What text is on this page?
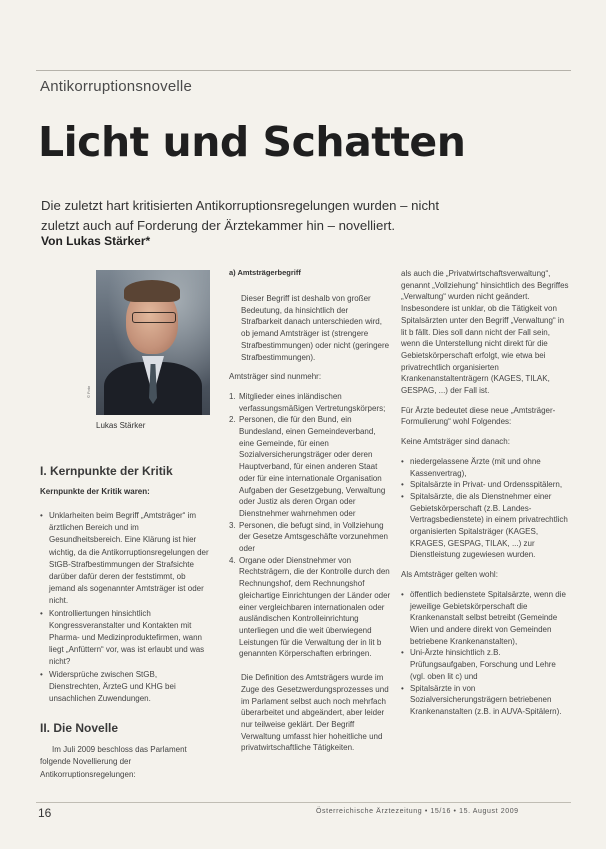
Antikorruptionsnovelle
Licht und Schatten
Die zuletzt hart kritisierten Antikorruptionsregelungen wurden – nicht zuletzt auch auf Forderung der Ärztekammer hin – novelliert.
Von Lukas Stärker*
© Foto
Lukas Stärker
I. Kernpunkte der Kritik
Kernpunkte der Kritik waren:
• Unklarheiten beim Begriff „Amtsträger“ im ärztlichen Bereich und im Gesundheitsbereich. Eine Klärung ist hier wichtig, da die Antikorruptionsregelungen der StGB-Strafbestimmungen der Strafsichte darüber dafür deren der feststimmt, ob jemand als sogenannter Amtsträger ist oder nicht.
• Kontrolliertungen hinsichtlich Kongressveranstalter und Kontakten mit Pharma- und Medizinproduktefirmen, wann liegt „Anfüttern“ vor, was ist erlaubt und was nicht?
• Widersprüche zwischen StGB, Dienstrechten, ÄrzteG und KHG bei unsachlichen Zuwendungen.
II. Die Novelle

Im Juli 2009 beschloss das Parlament folgende Novellierung der Antikorruptionsregelungen:

a) Amtsträgerbegriff

Dieser Begriff ist deshalb von großer Bedeutung, da hinsichtlich der Strafbarkeit danach unterschieden wird, ob jemand Amtsträger ist (strengere Strafbestimmungen) oder nicht (geringere Strafbestimmungen).

Amtsträger sind nunmehr:

1. Mitglieder eines inländischen verfassungsmäßigen Vertretungskörpers;
2. Personen, die für den Bund, ein Bundesland, einen Gemeindeverband, eine Gemeinde, für einen Sozialversicherungsträger oder deren Hauptverband, für einen anderen Staat oder für eine internationale Organisation Aufgaben der Gesetzgebung, Verwaltung oder Justiz als deren Organ oder Dienstnehmer wahrnehmen oder
3. Personen, die befugt sind, in Vollziehung der Gesetze Amtsgeschäfte vorzunehmen oder
4. Organe oder Dienstnehmer von Rechtsträgern, die der Kontrolle durch den Rechnungshof, dem Rechnungshof gleichartige Einrichtungen der Länder oder einer vergleichbaren internationalen oder ausländischen Kontrolleinrichtung unterliegen und die weit überwiegend Leistungen für die Verwaltung der in lit b genannten Körperschaften erbringen.

Die Definition des Amtsträgers wurde im Zuge des Gesetzwerdungsprozesses und im Parlament selbst auch noch mehrfach überarbeitet und abgeändert, aber leider nur teilweise geklärt. Der Begriff Verwaltung umfasst hier hoheitliche und privatwirtschaftliche Tätigkeiten.

als auch die „Privatwirtschaftsverwaltung“, genannt „Vollziehung“ hinsichtlich des Begriffes „Verwaltung“ wurden nicht geändert. Insbesondere ist unklar, ob die Tätigkeit von Spitalsärzten unter den Begriff „Verwaltung“ in lit b fällt. Dies soll dann nicht der Fall sein, wenn die Unterstellung nicht direkt für die Gebietskörperschaft erfolgt, wie etwa bei privatrechtlich organisierten Krankenanstaltenträgern (KAGES, TILAK, GESPAG, ...) der Fall ist.

Für Ärzte bedeutet diese neue „Amtsträger-Formulierung“ wohl Folgendes:

Keine Amtsträger sind danach:

• niedergelassene Ärzte (mit und ohne Kassenvertrag),
• Spitalsärzte in Privat- und Ordensspitälern,
• Spitalsärzte, die als Dienstnehmer einer Gebietskörperschaft (z.B. Landes-Vertragsbedienstete) in einem privatrechtlich organisierten Spitalsträger (KAGES, KRAGES, GESPAG, TILAK, ...) zur Dienstleistung zugewiesen wurden.

Als Amtsträger gelten wohl:

• öffentlich bedienstete Spitalsärzte, wenn die jeweilige Gebietskörperschaft die Krankenanstalt selbst betreibt (Gemeinde Wien und andere direkt von Gemeinden betriebene Krankenanstalten),
• Uni-Ärzte hinsichtlich z.B. Prüfungsaufgaben, Forschung und Lehre (vgl. oben lit c) und
• Spitalsärzte in von Sozialversicherungsträgern betriebenen Krankenanstalten (z.B. in AUVA-Spitälern).
16	Österreichische Ärztezeitung • 15/16 • 15. August 2009
